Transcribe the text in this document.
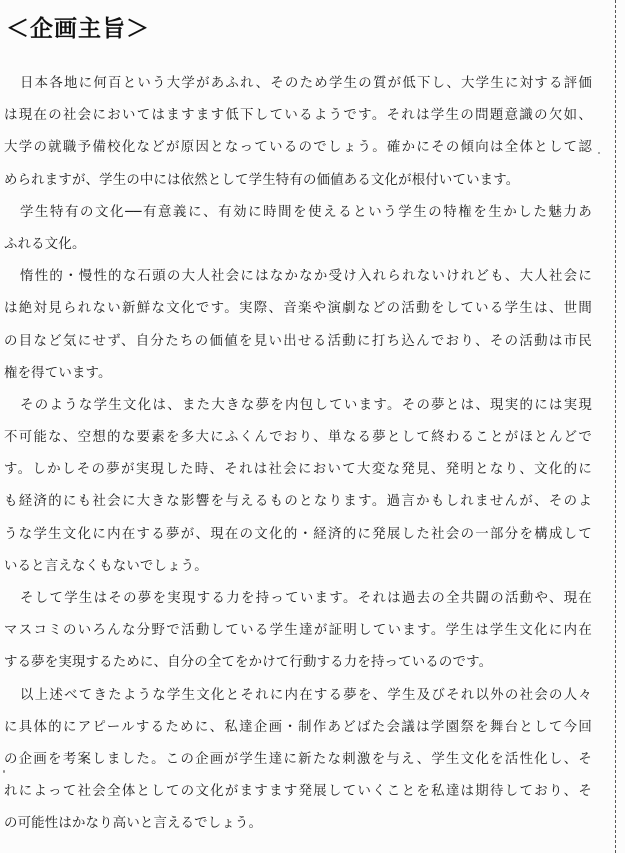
＜企画主旨＞
日本各地に何百という大学があふれ、そのため学生の質が低下し、大学生に対する評価
は現在の社会においてはますます低下しているようです。それは学生の問題意識の欠如、
大学の就職予備校化などが原因となっているのでしょう。確かにその傾向は全体として認
められますが、学生の中には依然として学生特有の価値ある文化が根付いています。
学生特有の文化──有意義に、有効に時間を使えるという学生の特権を生かした魅力あ
ふれる文化。
惰性的・慢性的な石頭の大人社会にはなかなか受け入れられないけれども、大人社会に
は絶対見られない新鮮な文化です。実際、音楽や演劇などの活動をしている学生は、世間
の目など気にせず、自分たちの価値を見い出せる活動に打ち込んでおり、その活動は市民
権を得ています。
そのような学生文化は、また大きな夢を内包しています。その夢とは、現実的には実現
不可能な、空想的な要素を多大にふくんでおり、単なる夢として終わることがほとんどで
す。しかしその夢が実現した時、それは社会において大変な発見、発明となり、文化的に
も経済的にも社会に大きな影響を与えるものとなります。過言かもしれませんが、そのよ
うな学生文化に内在する夢が、現在の文化的・経済的に発展した社会の一部分を構成して
いると言えなくもないでしょう。
そして学生はその夢を実現する力を持っています。それは過去の全共闘の活動や、現在
マスコミのいろんな分野で活動している学生達が証明しています。学生は学生文化に内在
する夢を実現するために、自分の全てをかけて行動する力を持っているのです。
以上述べてきたような学生文化とそれに内在する夢を、学生及びそれ以外の社会の人々
に具体的にアピールするために、私達企画・制作あどばた会議は学園祭を舞台として今回
の企画を考案しました。この企画が学生達に新たな刺激を与え、学生文化を活性化し、そ
れによって社会全体としての文化がますます発展していくことを私達は期待しており、そ
の可能性はかなり高いと言えるでしょう。
